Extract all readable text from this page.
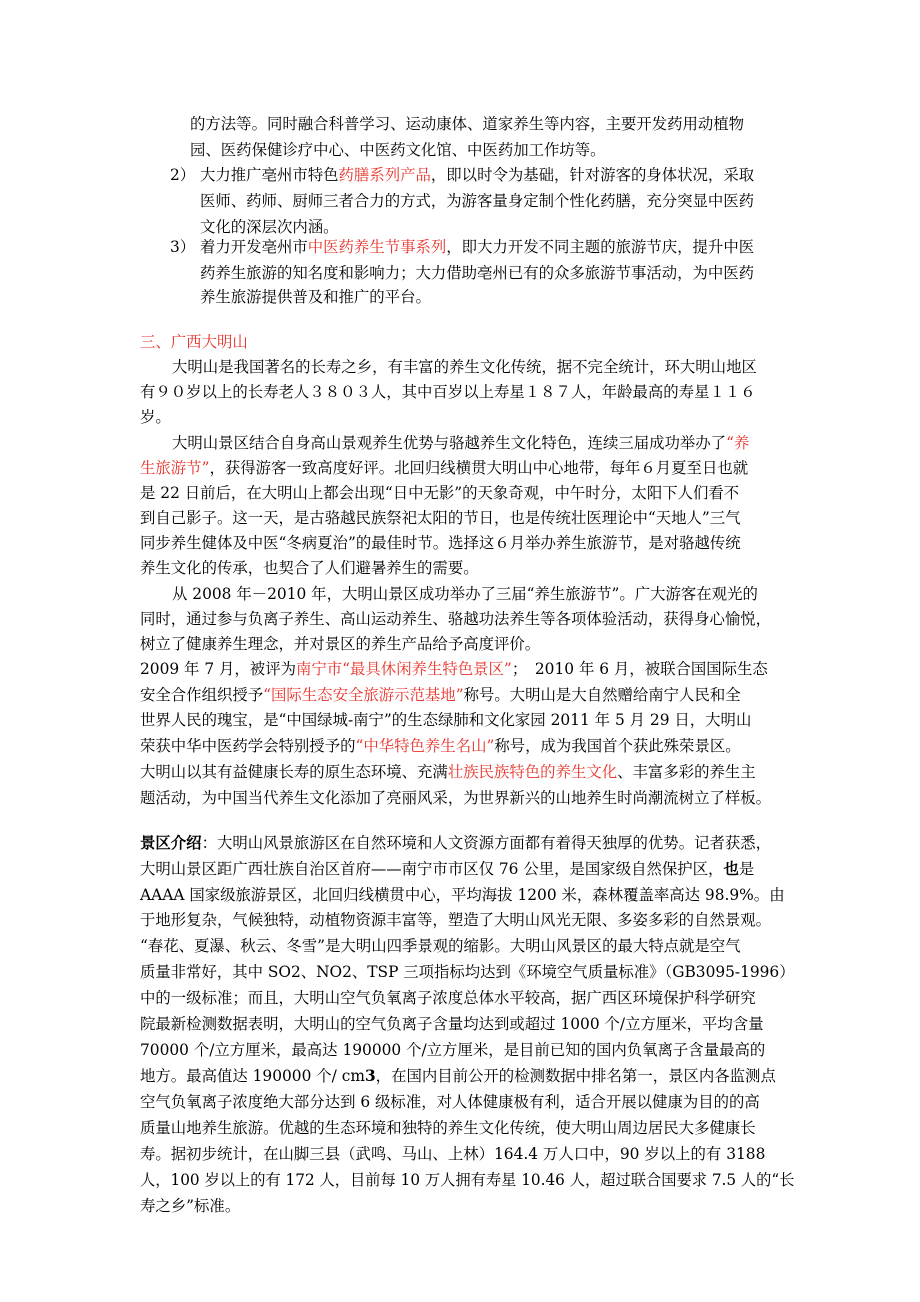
的方法等。同时融合科普学习、运动康体、道家养生等内容，主要开发药用动植物
园、医药保健诊疗中心、中医药文化馆、中医药加工作坊等。
2） 大力推广亳州市特色药膳系列产品，即以时令为基础，针对游客的身体状况，采取
医师、药师、厨师三者合力的方式，为游客量身定制个性化药膳，充分突显中医药
文化的深层次内涵。
3） 着力开发亳州市中医药养生节事系列，即大力开发不同主题的旅游节庆，提升中医
药养生旅游的知名度和影响力；大力借助亳州已有的众多旅游节事活动，为中医药
养生旅游提供普及和推广的平台。
三、广西大明山
大明山是我国著名的长寿之乡，有丰富的养生文化传统，据不完全统计，环大明山地区
有９０岁以上的长寿老人３８０３人，其中百岁以上寿星１８７人，年龄最高的寿星１１６
岁。
大明山景区结合自身高山景观养生优势与骆越养生文化特色，连续三届成功举办了“养
生旅游节”，获得游客一致高度好评。北回归线横贯大明山中心地带，每年６月夏至日也就
是 22 日前后，在大明山上都会出现“日中无影”的天象奇观，中午时分，太阳下人们看不
到自己影子。这一天，是古骆越民族祭祀太阳的节日，也是传统壮医理论中“天地人”三气
同步养生健体及中医“冬病夏治”的最佳时节。选择这６月举办养生旅游节，是对骆越传统
养生文化的传承，也契合了人们避暑养生的需要。
从 2008 年－2010 年，大明山景区成功举办了三届“养生旅游节”。广大游客在观光的
同时，通过参与负离子养生、高山运动养生、骆越功法养生等各项体验活动，获得身心愉悦，
树立了健康养生理念，并对景区的养生产品给予高度评价。
2009 年 7 月，被评为南宁市“最具休闲养生特色景区”；　2010 年 6 月，被联合国国际生态
安全合作组织授予“国际生态安全旅游示范基地”称号。大明山是大自然赠给南宁人民和全
世界人民的瑰宝，是“中国绿城-南宁”的生态绿肺和文化家园 2011 年 5 月 29 日，大明山
荣获中华中医药学会特别授予的“中华特色养生名山”称号，成为我国首个获此殊荣景区。
大明山以其有益健康长寿的原生态环境、充满壮族民族特色的养生文化、丰富多彩的养生主
题活动，为中国当代养生文化添加了亮丽风采，为世界新兴的山地养生时尚潮流树立了样板。
景区介绍：大明山风景旅游区在自然环境和人文资源方面都有着得天独厚的优势。记者获悉，
大明山景区距广西壮族自治区首府——南宁市市区仅 76 公里，是国家级自然保护区，也是
AAAA 国家级旅游景区，北回归线横贯中心，平均海拔 1200 米，森林覆盖率高达 98.9%。由
于地形复杂，气候独特，动植物资源丰富等，塑造了大明山风光无限、多姿多彩的自然景观。
“春花、夏瀑、秋云、冬雪”是大明山四季景观的缩影。大明山风景区的最大特点就是空气
质量非常好，其中 SO2、NO2、TSP 三项指标均达到《环境空气质量标准》（GB3095-1996）
中的一级标准；而且，大明山空气负氧离子浓度总体水平较高，据广西区环境保护科学研究
院最新检测数据表明，大明山的空气负离子含量均达到或超过 1000 个/立方厘米，平均含量
70000 个/立方厘米，最高达 190000 个/立方厘米，是目前已知的国内负氧离子含量最高的
地方。最高值达 190000 个/ cm3，在国内目前公开的检测数据中排名第一，景区内各监测点
空气负氧离子浓度绝大部分达到 6 级标准，对人体健康极有利，适合开展以健康为目的的高
质量山地养生旅游。优越的生态环境和独特的养生文化传统，使大明山周边居民大多健康长
寿。据初步统计，在山脚三县（武鸣、马山、上林）164.4 万人口中，90 岁以上的有 3188
人，100 岁以上的有 172 人，目前每 10 万人拥有寿星 10.46 人，超过联合国要求 7.5 人的“长
寿之乡”标准。
